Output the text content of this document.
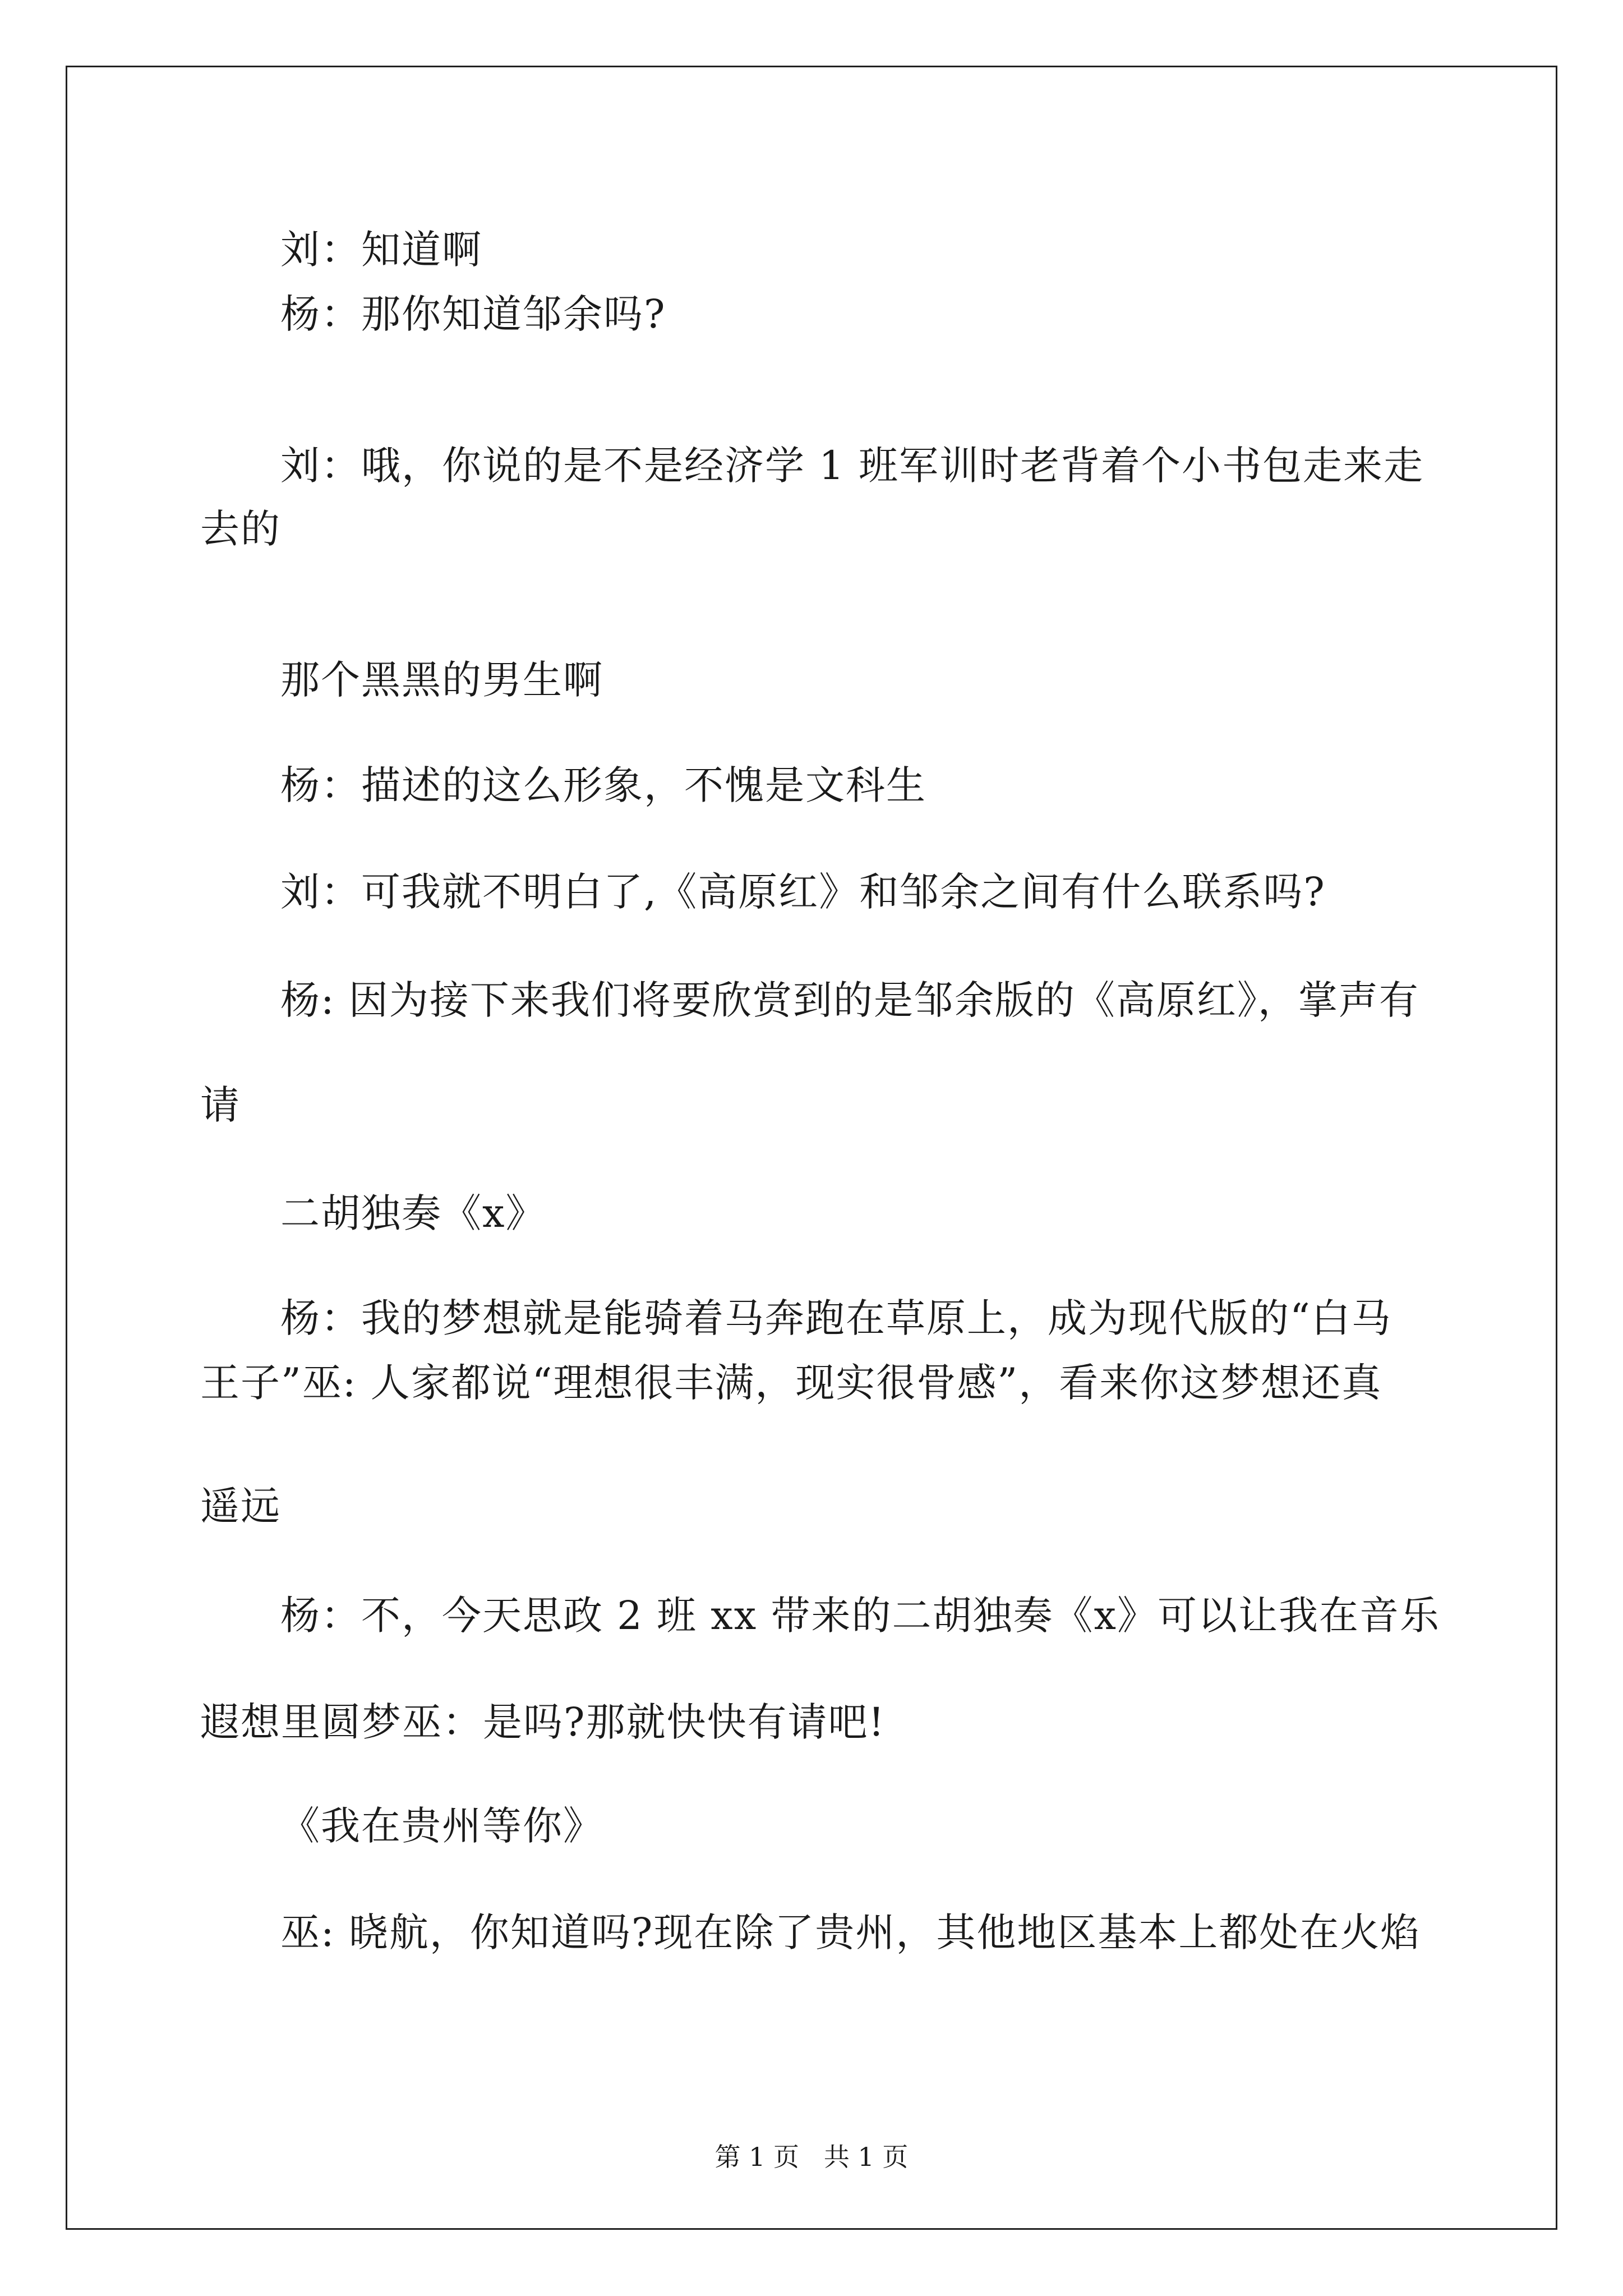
刘：知道啊
杨：那你知道邹余吗?
刘：哦，你说的是不是经济学 1 班军训时老背着个小书包走来走
去的
那个黑黑的男生啊
杨：描述的这么形象，不愧是文科生
刘：可我就不明白了,《高原红》和邹余之间有什么联系吗?
杨: 因为接下来我们将要欣赏到的是邹余版的《高原红》，掌声有
请
二胡独奏《x》
杨：我的梦想就是能骑着马奔跑在草原上，成为现代版的“白马
王子”巫: 人家都说“理想很丰满，现实很骨感”，看来你这梦想还真
遥远
杨：不，今天思政 2 班 xx 带来的二胡独奏《x》可以让我在音乐
遐想里圆梦巫：是吗?那就快快有请吧!
《我在贵州等你》
巫: 晓航，你知道吗?现在除了贵州，其他地区基本上都处在火焰
第 1 页   共 1 页
